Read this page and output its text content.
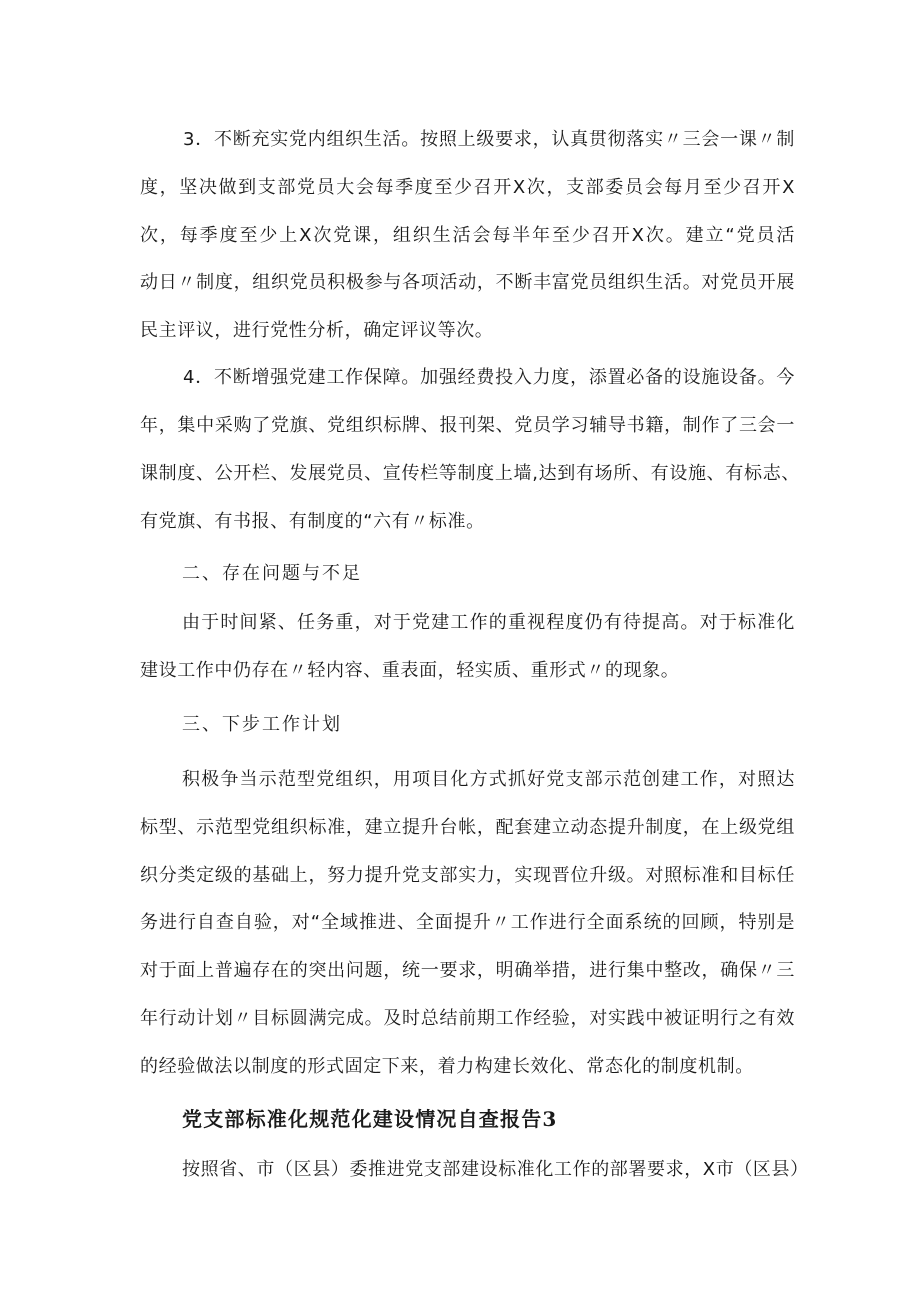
3．不断充实党内组织生活。按照上级要求，认真贯彻落实〃三会一课〃制
度，坚决做到支部党员大会每季度至少召开X次，支部委员会每月至少召开X
次，每季度至少上X次党课，组织生活会每半年至少召开X次。建立“党员活
动日〃制度，组织党员积极参与各项活动，不断丰富党员组织生活。对党员开展
民主评议，进行党性分析，确定评议等次。
4．不断增强党建工作保障。加强经费投入力度，添置必备的设施设备。今
年，集中采购了党旗、党组织标牌、报刊架、党员学习辅导书籍，制作了三会一
课制度、公开栏、发展党员、宣传栏等制度上墙,达到有场所、有设施、有标志、
有党旗、有书报、有制度的“六有〃标准。
二、存在问题与不足
由于时间紧、任务重，对于党建工作的重视程度仍有待提高。对于标准化
建设工作中仍存在〃轻内容、重表面，轻实质、重形式〃的现象。
三、下步工作计划
积极争当示范型党组织，用项目化方式抓好党支部示范创建工作，对照达
标型、示范型党组织标准，建立提升台帐，配套建立动态提升制度，在上级党组
织分类定级的基础上，努力提升党支部实力，实现晋位升级。对照标准和目标任
务进行自查自验，对“全域推进、全面提升〃工作进行全面系统的回顾，特别是
对于面上普遍存在的突出问题，统一要求，明确举措，进行集中整改，确保〃三
年行动计划〃目标圆满完成。及时总结前期工作经验，对实践中被证明行之有效
的经验做法以制度的形式固定下来，着力构建长效化、常态化的制度机制。
党支部标准化规范化建设情况自查报告3
按照省、市（区县）委推进党支部建设标准化工作的部署要求，X市（区县）
